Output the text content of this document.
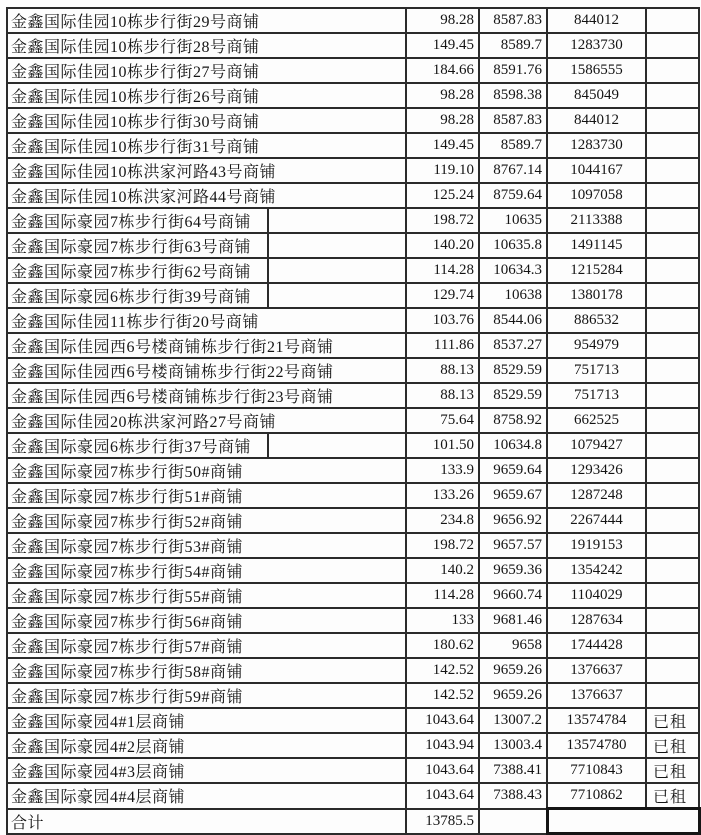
金鑫国际佳园10栋步行街29号商铺		98.28	8587.83	844012	
金鑫国际佳园10栋步行街28号商铺		149.45	8589.7	1283730	
金鑫国际佳园10栋步行街27号商铺		184.66	8591.76	1586555	
金鑫国际佳园10栋步行街26号商铺		98.28	8598.38	845049	
金鑫国际佳园10栋步行街30号商铺		98.28	8587.83	844012	
金鑫国际佳园10栋步行街31号商铺		149.45	8589.7	1283730	
金鑫国际佳园10栋洪家河路43号商铺		119.10	8767.14	1044167	
金鑫国际佳园10栋洪家河路44号商铺		125.24	8759.64	1097058	
金鑫国际豪园7栋步行街64号商铺		198.72	10635	2113388	
金鑫国际豪园7栋步行街63号商铺		140.20	10635.8	1491145	
金鑫国际豪园7栋步行街62号商铺		114.28	10634.3	1215284	
金鑫国际豪园6栋步行街39号商铺		129.74	10638	1380178	
金鑫国际佳园11栋步行街20号商铺		103.76	8544.06	886532	
金鑫国际佳园西6号楼商铺栋步行街21号商铺		111.86	8537.27	954979	
金鑫国际佳园西6号楼商铺栋步行街22号商铺		88.13	8529.59	751713	
金鑫国际佳园西6号楼商铺栋步行街23号商铺		88.13	8529.59	751713	
金鑫国际佳园20栋洪家河路27号商铺		75.64	8758.92	662525	
金鑫国际豪园6栋步行街37号商铺		101.50	10634.8	1079427	
金鑫国际豪园7栋步行街50#商铺		133.9	9659.64	1293426	
金鑫国际豪园7栋步行街51#商铺		133.26	9659.67	1287248	
金鑫国际豪园7栋步行街52#商铺		234.8	9656.92	2267444	
金鑫国际豪园7栋步行街53#商铺		198.72	9657.57	1919153	
金鑫国际豪园7栋步行街54#商铺		140.2	9659.36	1354242	
金鑫国际豪园7栋步行街55#商铺		114.28	9660.74	1104029	
金鑫国际豪园7栋步行街56#商铺		133	9681.46	1287634	
金鑫国际豪园7栋步行街57#商铺		180.62	9658	1744428	
金鑫国际豪园7栋步行街58#商铺		142.52	9659.26	1376637	
金鑫国际豪园7栋步行街59#商铺		142.52	9659.26	1376637	
金鑫国际豪园4#1层商铺		1043.64	13007.2	13574784	已租
金鑫国际豪园4#2层商铺		1043.94	13003.4	13574780	已租
金鑫国际豪园4#3层商铺		1043.64	7388.41	7710843	已租
金鑫国际豪园4#4层商铺		1043.64	7388.43	7710862	已租
合计		13785.5			
